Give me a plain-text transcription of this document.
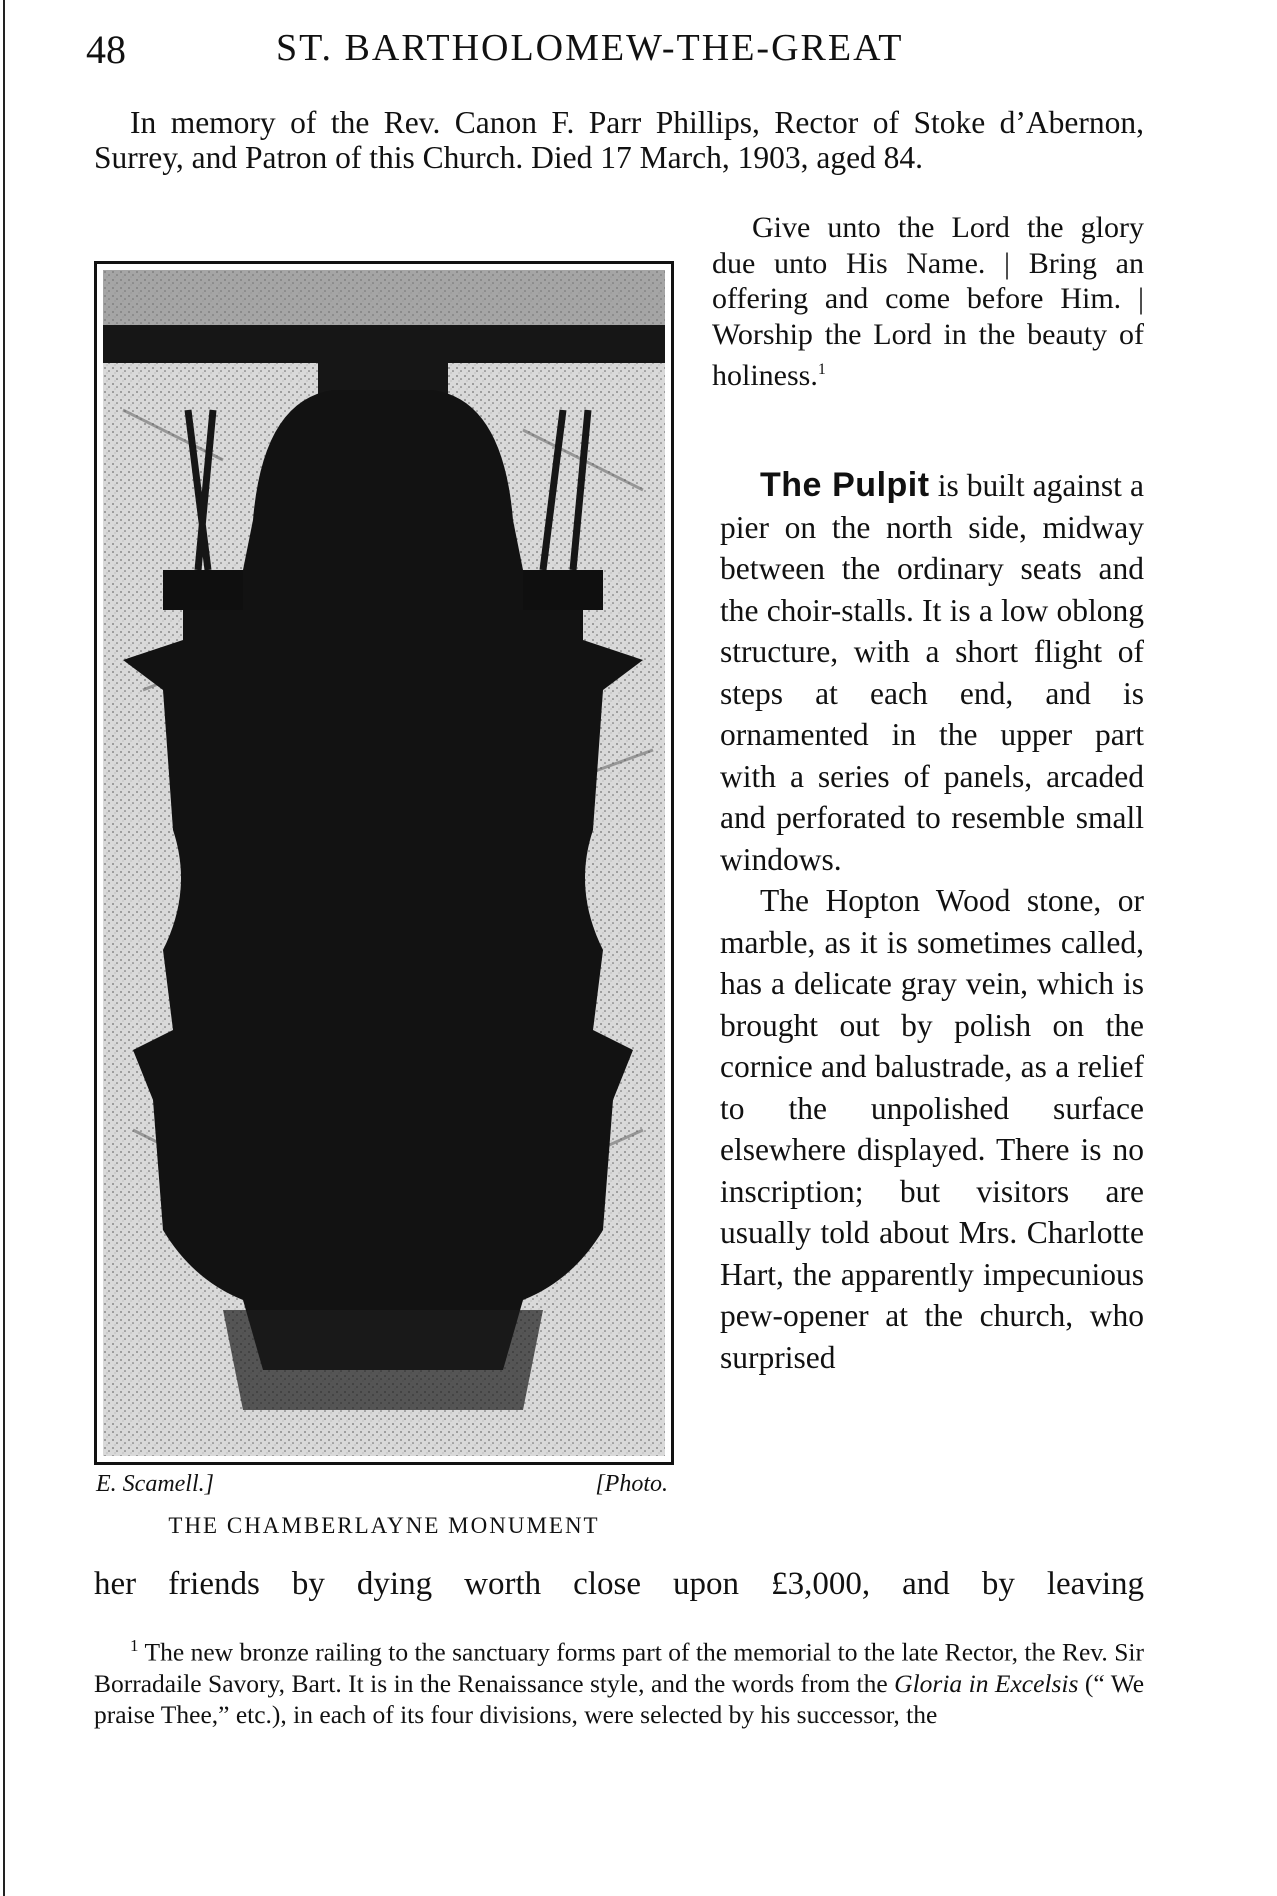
48	ST. BARTHOLOMEW-THE-GREAT

In memory of the Rev. Canon F. Parr Phillips, Rector of Stoke d’Abernon, Surrey, and Patron of this Church. Died 17 March, 1903, aged 84.

Give unto the Lord the glory due unto His Name. | Bring an offering and come before Him. | Worship the Lord in the beauty of holiness.$^1$

E. Scamell.]	[Photo.
THE CHAMBERLAYNE MONUMENT

The Pulpit is built against a pier on the north side, midway between the ordinary seats and the choir-stalls. It is a low oblong structure, with a short flight of steps at each end, and is ornamented in the upper part with a series of panels, arcaded and perforated to resemble small windows.

The Hopton Wood stone, or marble, as it is sometimes called, has a delicate gray vein, which is brought out by polish on the cornice and balustrade, as a relief to the unpolished surface elsewhere displayed. There is no inscription; but visitors are usually told about Mrs. Charlotte Hart, the apparently impecunious pew-opener at the church, who surprised

her friends by dying worth close upon £3,000, and by leaving

$^1$ The new bronze railing to the sanctuary forms part of the memorial to the late Rector, the Rev. Sir Borradaile Savory, Bart. It is in the Renaissance style, and the words from the Gloria in Excelsis (“ We praise Thee,” etc.), in each of its four divisions, were selected by his successor, the
